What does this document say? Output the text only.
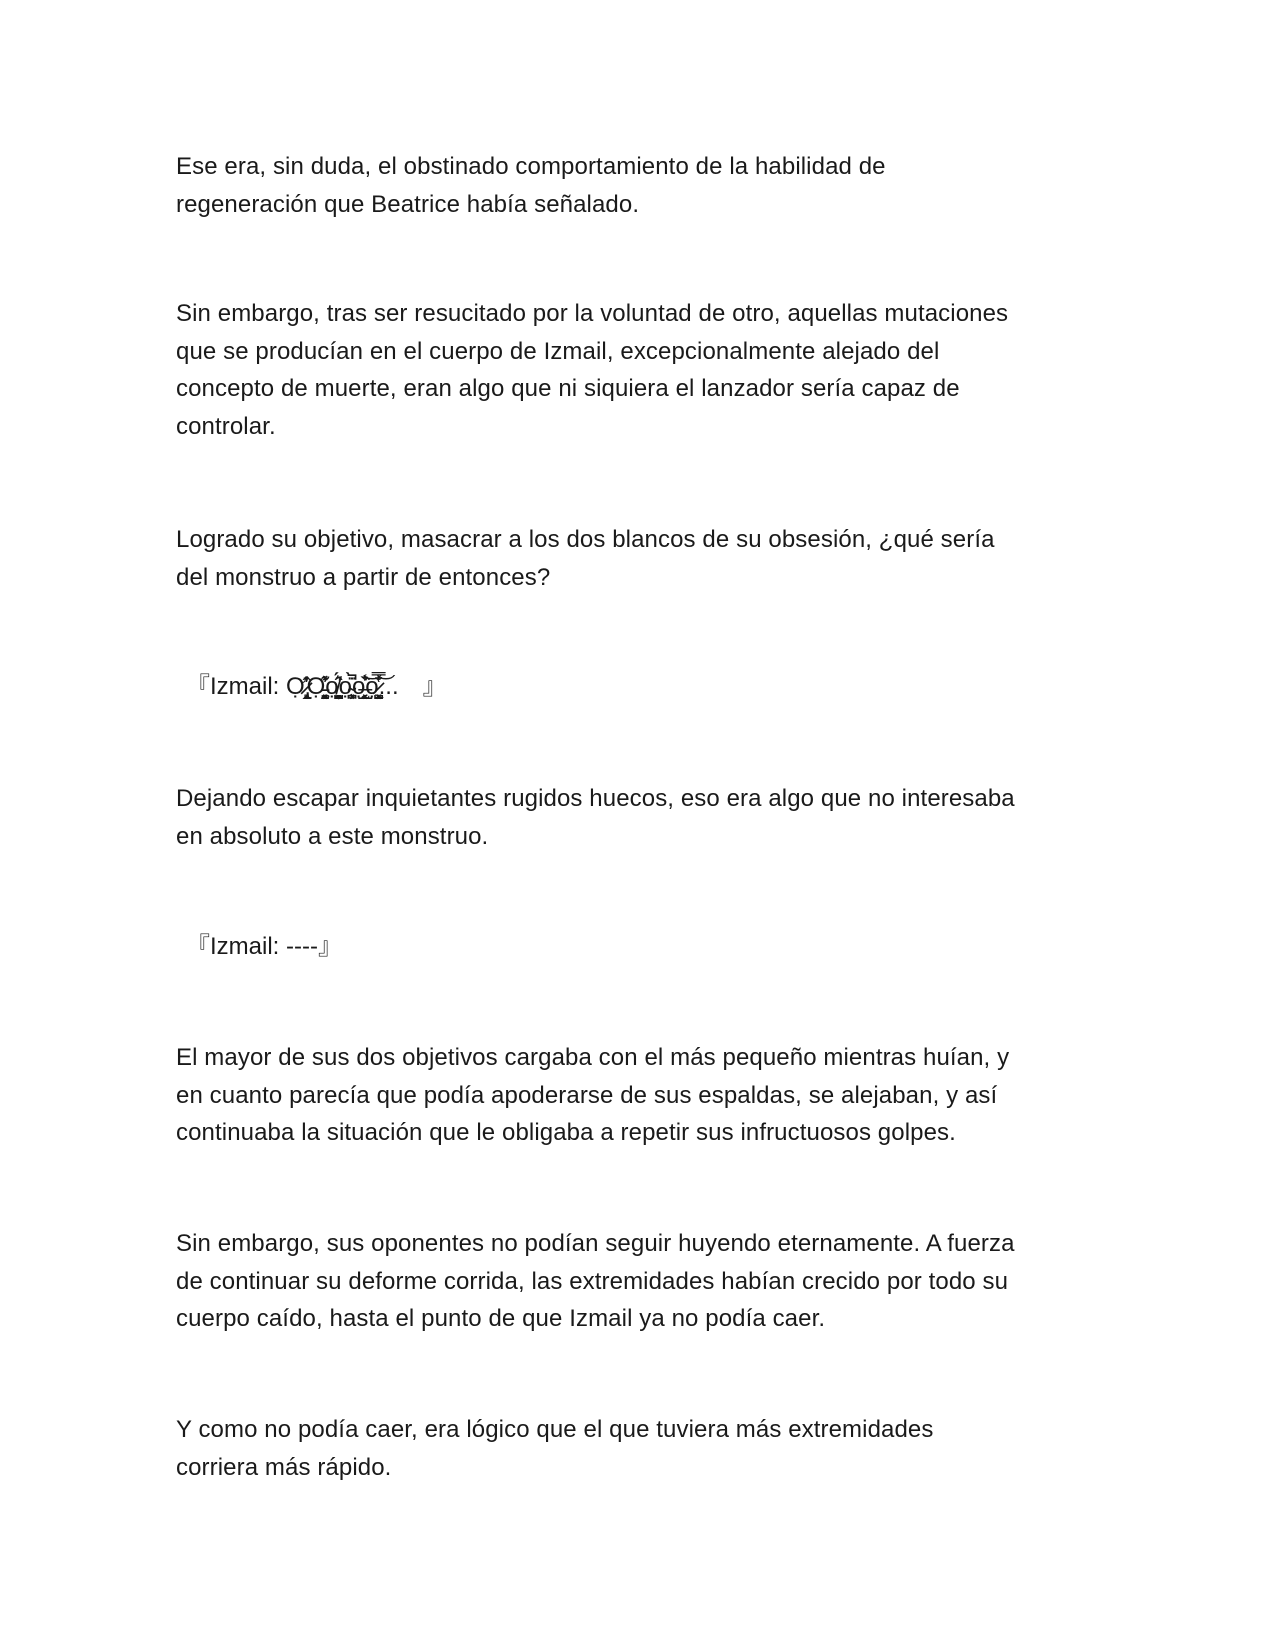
Ese era, sin duda, el obstinado comportamiento de la habilidad de
regeneración que Beatrice había señalado.

Sin embargo, tras ser resucitado por la voluntad de otro, aquellas mutaciones
que se producían en el cuerpo de Izmail, excepcionalmente alejado del
concepto de muerte, eran algo que ni siquiera el lanzador sería capaz de
controlar.

Logrado su objetivo, masacrar a los dos blancos de su obsesión, ¿qué sería
del monstruo a partir de entonces?

『Izmail: Ợ̷̢̗̻̭̟̭̂̍̓̕Ọ̵͓̰̟̜̳͂̽͗̕ọ̸͉̺̠̞̼͛̂́̑ọ̴̧̫͓̪̫̇̈̀̚ọ̶̰͓̖̩̲̏̾͛͝ọ̷̤͓̹̺͖̔̿̆͝...　』

Dejando escapar inquietantes rugidos huecos, eso era algo que no interesaba
en absoluto a este monstruo.

『Izmail: ----』

El mayor de sus dos objetivos cargaba con el más pequeño mientras huían, y
en cuanto parecía que podía apoderarse de sus espaldas, se alejaban, y así
continuaba la situación que le obligaba a repetir sus infructuosos golpes.

Sin embargo, sus oponentes no podían seguir huyendo eternamente. A fuerza
de continuar su deforme corrida, las extremidades habían crecido por todo su
cuerpo caído, hasta el punto de que Izmail ya no podía caer.

Y como no podía caer, era lógico que el que tuviera más extremidades
corriera más rápido.
